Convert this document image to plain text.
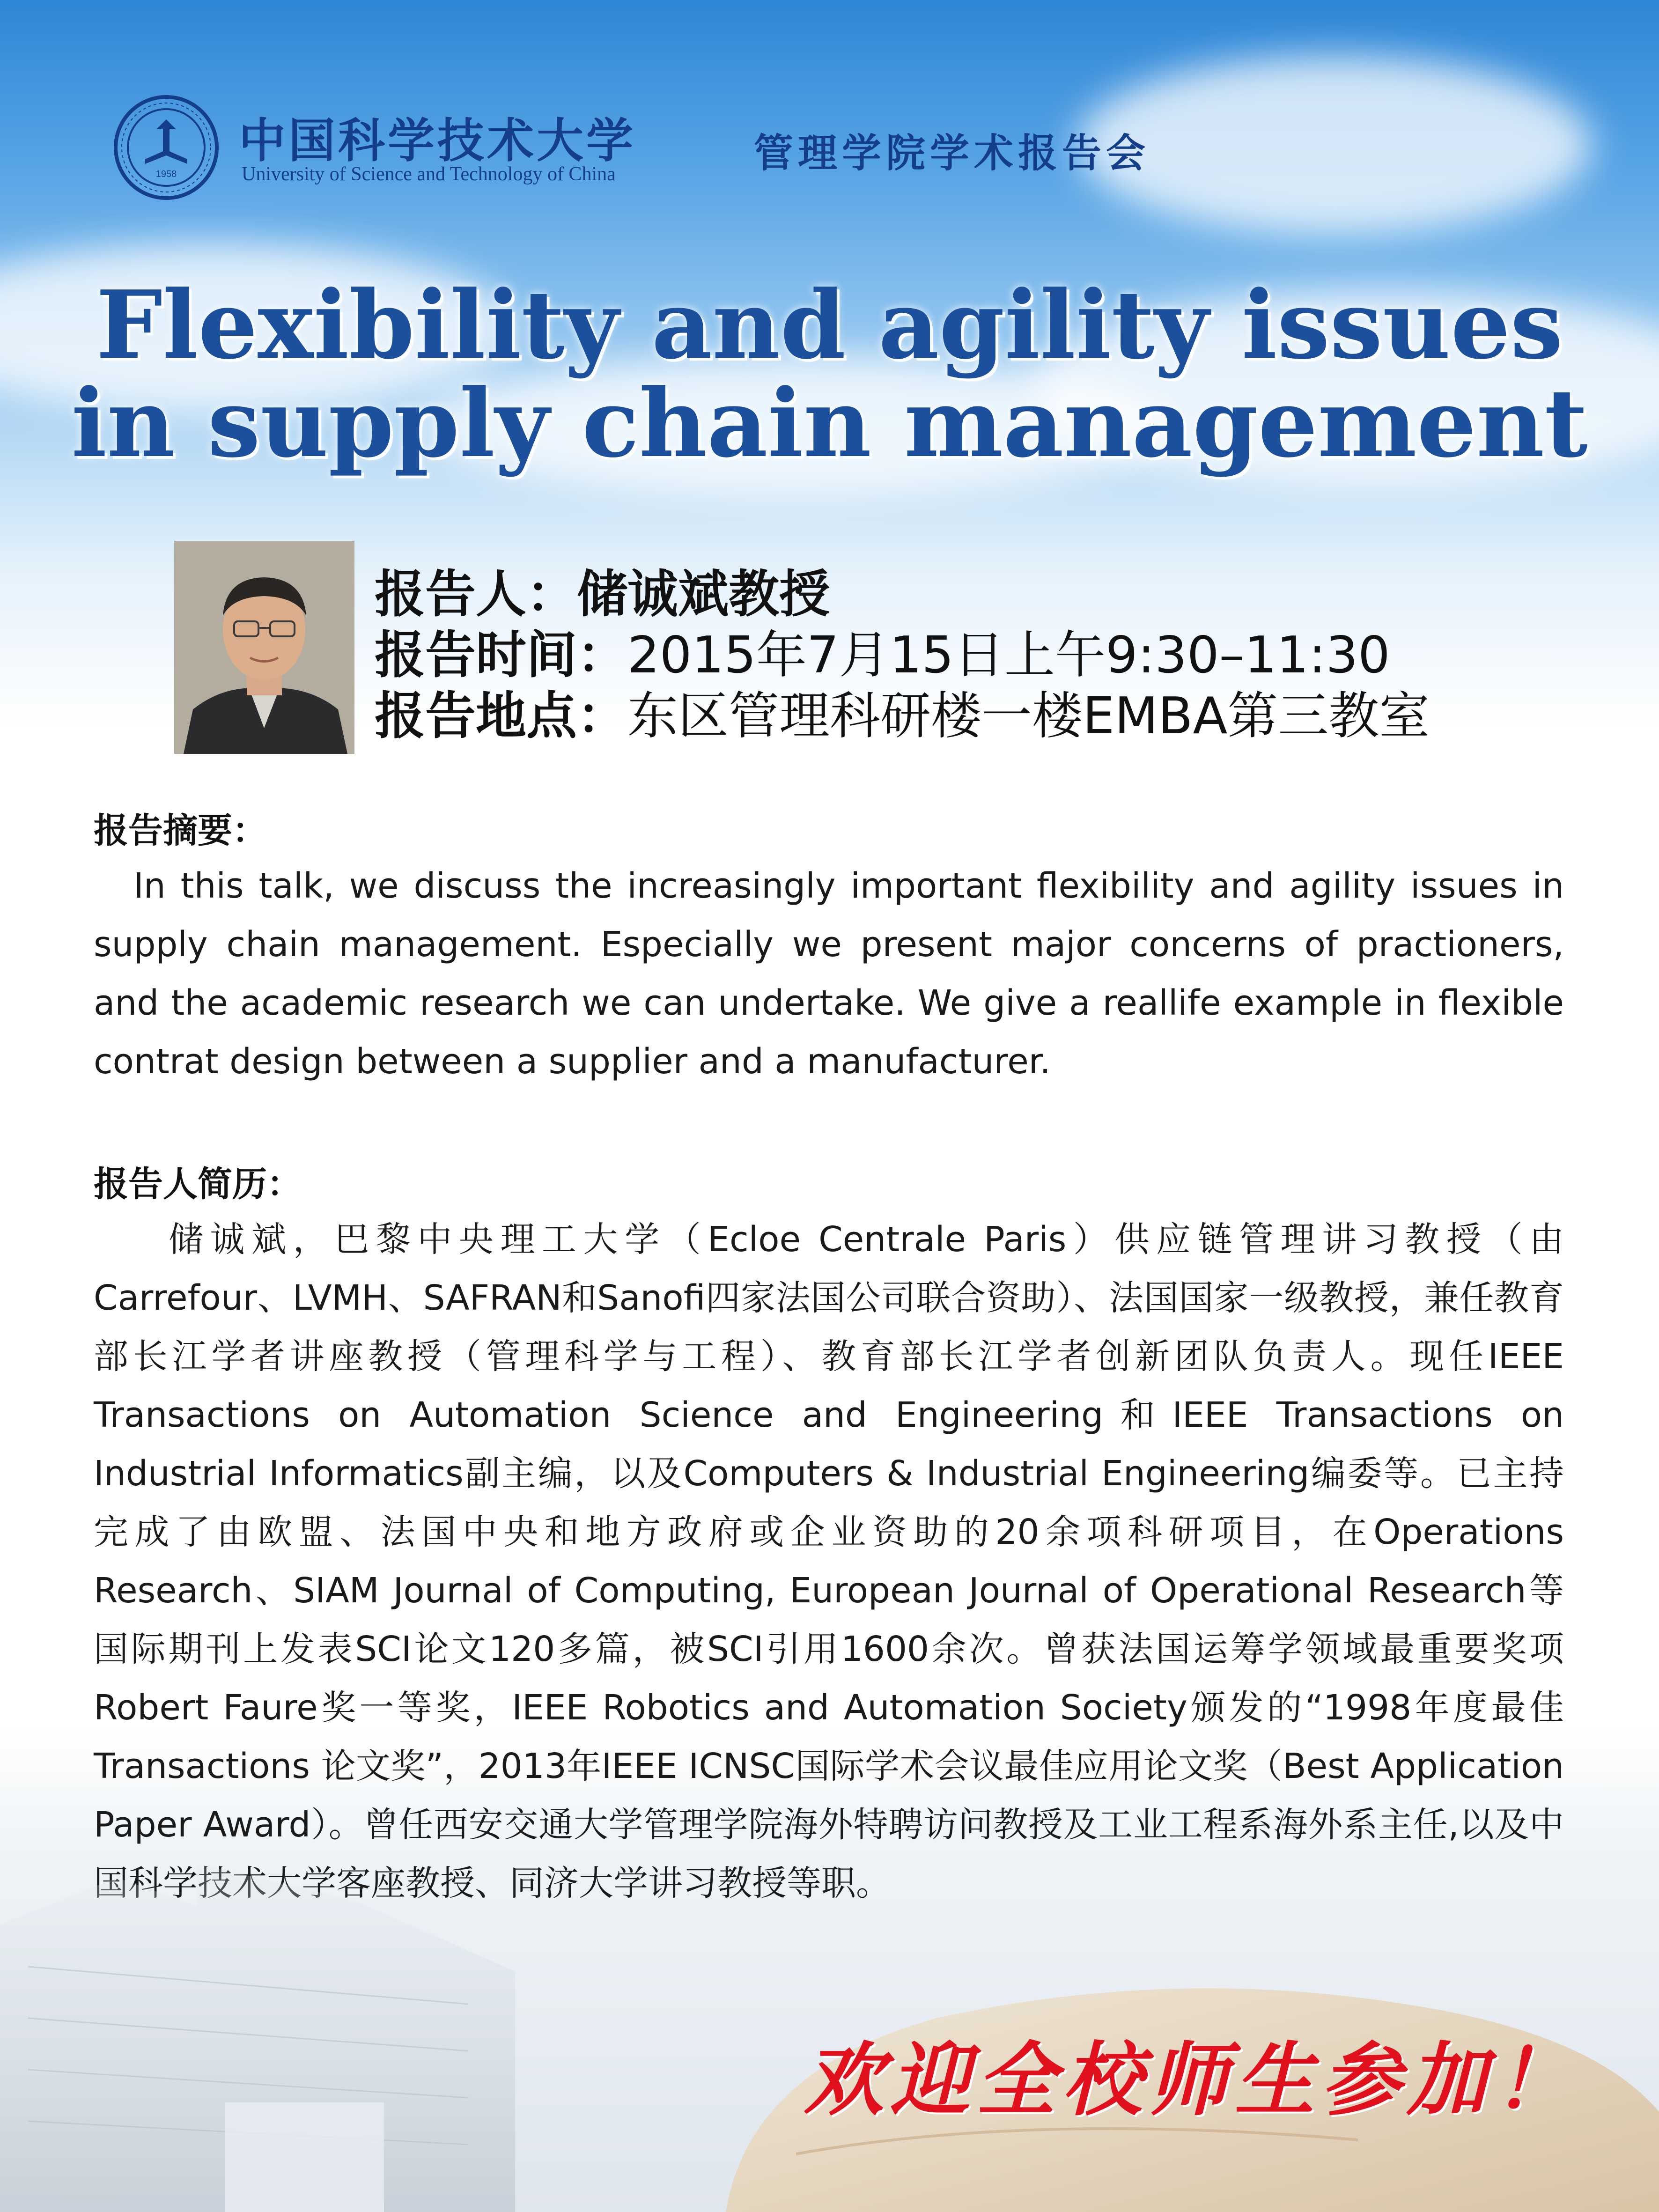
1958
中国科学技术大学
University of Science and Technology of China	管理学院学术报告会
Flexibility and agility issues
in supply chain management
报告人：储诚斌教授
报告时间：2015年7月15日上午9:30–11:30
报告地点：东区管理科研楼一楼EMBA第三教室
报告摘要：
In this talk, we discuss the increasingly important flexibility and agility issues in supply chain management. Especially we present major concerns of practioners, and the academic research we can undertake. We give a reallife example in flexible contrat design between a supplier and a manufacturer.
报告人简历：
储诚斌，巴黎中央理工大学（Ecloe Centrale Paris）供应链管理讲习教授（由Carrefour、LVMH、SAFRAN和Sanofi四家法国公司联合资助）、法国国家一级教授，兼任教育部长江学者讲座教授（管理科学与工程）、教育部长江学者创新团队负责人。现任IEEE Transactions on Automation Science and Engineering和IEEE Transactions on Industrial Informatics副主编，以及Computers & Industrial Engineering编委等。已主持完成了由欧盟、法国中央和地方政府或企业资助的20余项科研项目，在Operations Research、SIAM Journal of Computing, European Journal of Operational Research等国际期刊上发表SCI论文120多篇，被SCI引用1600余次。曾获法国运筹学领域最重要奖项Robert Faure奖一等奖，IEEE Robotics and Automation Society颁发的“1998年度最佳 Transactions 论文奖”，2013年IEEE ICNSC国际学术会议最佳应用论文奖（Best Application Paper Award）。曾任西安交通大学管理学院海外特聘访问教授及工业工程系海外系主任,以及中国科学技术大学客座教授、同济大学讲习教授等职。
欢迎全校师生参加！
